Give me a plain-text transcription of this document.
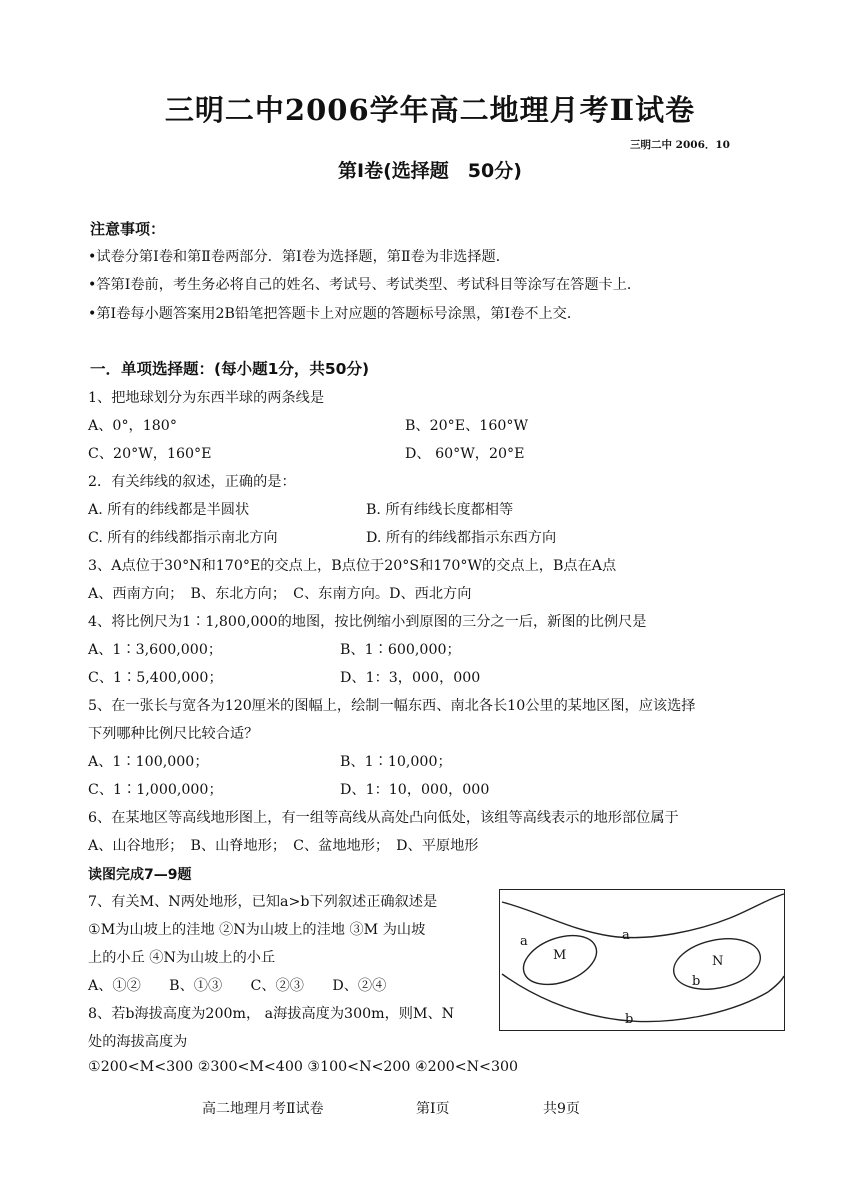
三明二中2006学年高二地理月考Ⅱ试卷
三明二中 2006．10
第Ⅰ卷(选择题　50分)
注意事项：
•试卷分第Ⅰ卷和第Ⅱ卷两部分．第Ⅰ卷为选择题，第Ⅱ卷为非选择题．
•答第Ⅰ卷前，考生务必将自己的姓名、考试号、考试类型、考试科目等涂写在答题卡上．
•第Ⅰ卷每小题答案用2B铅笔把答题卡上对应题的答题标号涂黑，第Ⅰ卷不上交．
一．单项选择题：(每小题1分，共50分)
1、把地球划分为东西半球的两条线是
A、0°，180°	B、20°E、160°W
C、20°W，160°E	D、 60°W，20°E
2．有关纬线的叙述，正确的是：
A. 所有的纬线都是半圆状	B. 所有纬线长度都相等
C. 所有的纬线都指示南北方向	D. 所有的纬线都指示东西方向
3、A点位于30°N和170°E的交点上，B点位于20°S和170°W的交点上，B点在A点
A、西南方向；　B、东北方向；　C、东南方向。D、西北方向
4、将比例尺为1∶1,800,000的地图，按比例缩小到原图的三分之一后，新图的比例尺是
A、1∶3,600,000；	B、1∶600,000；
C、1∶5,400,000；	D、1：3，000，000
5、在一张长与宽各为120厘米的图幅上，绘制一幅东西、南北各长10公里的某地区图，应该选择
下列哪种比例尺比较合适？
A、1∶100,000；	B、1∶10,000；
C、1∶1,000,000；	D、1：10，000，000
6、在某地区等高线地形图上，有一组等高线从高处凸向低处，该组等高线表示的地形部位属于
A、山谷地形；　B、山脊地形；　C、盆地地形；　D、平原地形
读图完成7—9题
7、有关M、N两处地形，已知a>b下列叙述正确叙述是
①M为山坡上的洼地 ②N为山坡上的洼地 ③M 为山坡
上的小丘 ④N为山坡上的小丘
A、①②　　B、①③　　C、②③　　D、②④
8、若b海拔高度为200m， a海拔高度为300m，则M、N
处的海拔高度为
①200<M<300 ②300<M<400 ③100<N<200 ④200<N<300
a
a
M	N
b
b
高二地理月考Ⅱ试卷	第Ⅰ页	共9页
